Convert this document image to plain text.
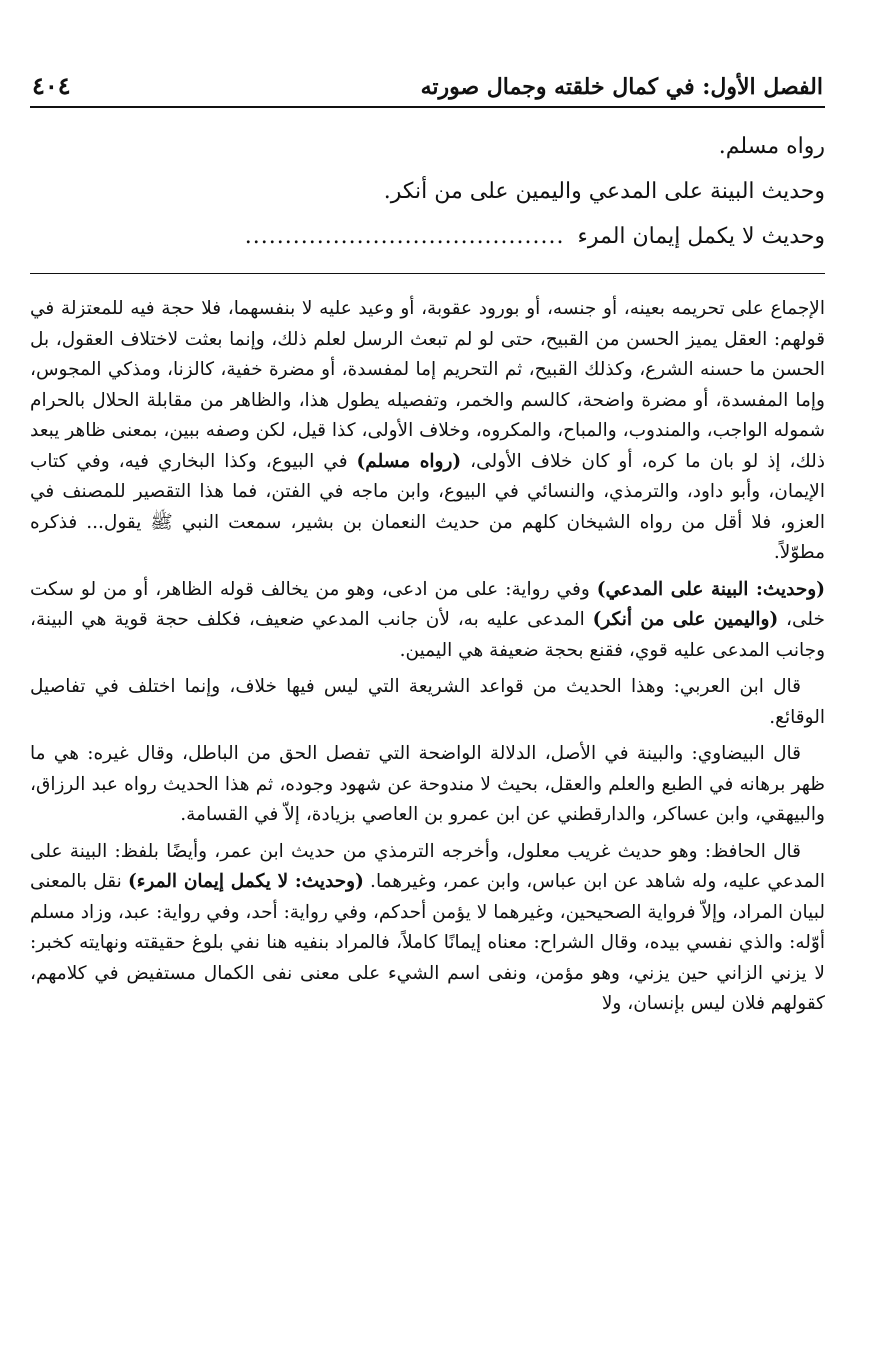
الفصل الأول: في كمال خلقته وجمال صورته
٤٠٤
رواه مسلم.
وحديث البينة على المدعي واليمين على من أنكر.
وحديث لا يكمل إيمان المرء ........................................

الإجماع على تحريمه بعينه، أو جنسه، أو بورود عقوبة، أو وعيد عليه لا بنفسهما، فلا حجة فيه للمعتزلة في قولهم: العقل يميز الحسن من القبيح، حتى لو لم تبعث الرسل لعلم ذلك، وإنما بعثت لاختلاف العقول، بل الحسن ما حسنه الشرع، وكذلك القبيح، ثم التحريم إما لمفسدة، أو مضرة خفية، كالزنا، ومذكي المجوس، وإما المفسدة، أو مضرة واضحة، كالسم والخمر، وتفصيله يطول هذا، والظاهر من مقابلة الحلال بالحرام شموله الواجب، والمندوب، والمباح، والمكروه، وخلاف الأولى، كذا قيل، لكن وصفه ببين، بمعنى ظاهر يبعد ذلك، إذ لو بان ما كره، أو كان خلاف الأولى، (رواه مسلم) في البيوع، وكذا البخاري فيه، وفي كتاب الإيمان، وأبو داود، والترمذي، والنسائي في البيوع، وابن ماجه في الفتن، فما هذا التقصير للمصنف في العزو، فلا أقل من رواه الشيخان كلهم من حديث النعمان بن بشير، سمعت النبي ﷺ يقول... فذكره مطوّلاً.

(وحديث: البينة على المدعي) وفي رواية: على من ادعى، وهو من يخالف قوله الظاهر، أو من لو سكت خلى، (واليمين على من أنكر) المدعى عليه به، لأن جانب المدعي ضعيف، فكلف حجة قوية هي البينة، وجانب المدعى عليه قوي، فقنع بحجة ضعيفة هي اليمين.

قال ابن العربي: وهذا الحديث من قواعد الشريعة التي ليس فيها خلاف، وإنما اختلف في تفاصيل الوقائع.

قال البيضاوي: والبينة في الأصل، الدلالة الواضحة التي تفصل الحق من الباطل، وقال غيره: هي ما ظهر برهانه في الطبع والعلم والعقل، بحيث لا مندوحة عن شهود وجوده، ثم هذا الحديث رواه عبد الرزاق، والبيهقي، وابن عساكر، والدارقطني عن ابن عمرو بن العاصي بزيادة، إلاّ في القسامة.

قال الحافظ: وهو حديث غريب معلول، وأخرجه الترمذي من حديث ابن عمر، وأيضًا بلفظ: البينة على المدعي عليه، وله شاهد عن ابن عباس، وابن عمر، وغيرهما. (وحديث: لا يكمل إيمان المرء) نقل بالمعنى لبيان المراد، وإلاّ فرواية الصحيحين، وغيرهما لا يؤمن أحدكم، وفي رواية: أحد، وفي رواية: عبد، وزاد مسلم أوّله: والذي نفسي بيده، وقال الشراح: معناه إيمانًا كاملاً، فالمراد بنفيه هنا نفي بلوغ حقيقته ونهايته كخبر: لا يزني الزاني حين يزني، وهو مؤمن، ونفى اسم الشيء على معنى نفى الكمال مستفيض في كلامهم، كقولهم فلان ليس بإنسان، ولا
